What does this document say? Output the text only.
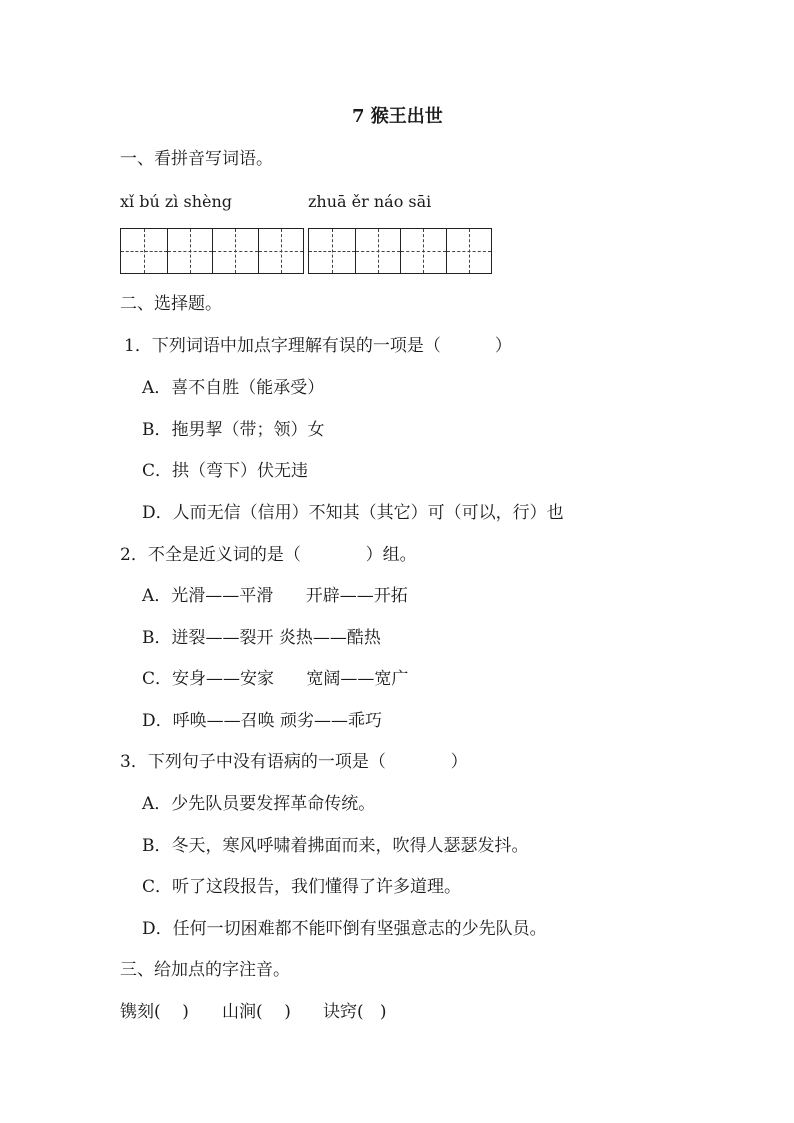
7 猴王出世
一、看拼音写词语。
xǐ bú zì shèng	zhuā ěr náo sāi
二、选择题。
1．下列词语中加点字理解有误的一项是（          ）
A．喜不自胜（能承受）
B．拖男挈（带；领）女
C．拱（弯下）伏无违
D．人而无信（信用）不知其（其它）可（可以，行）也
2．不全是近义词的是（            ）组。
A．光滑——平滑      开辟——开拓
B．迸裂——裂开 炎热——酷热
C．安身——安家      宽阔——宽广
D．呼唤——召唤 顽劣——乖巧
3．下列句子中没有语病的一项是（            ）
A．少先队员要发挥革命传统。
B．冬天，寒风呼啸着拂面而来，吹得人瑟瑟发抖。
C．听了这段报告，我们懂得了许多道理。
D．任何一切困难都不能吓倒有坚强意志的少先队员。
三、给加点的字注音。
镌刻(    ) 山涧(    ) 诀窍(   )
